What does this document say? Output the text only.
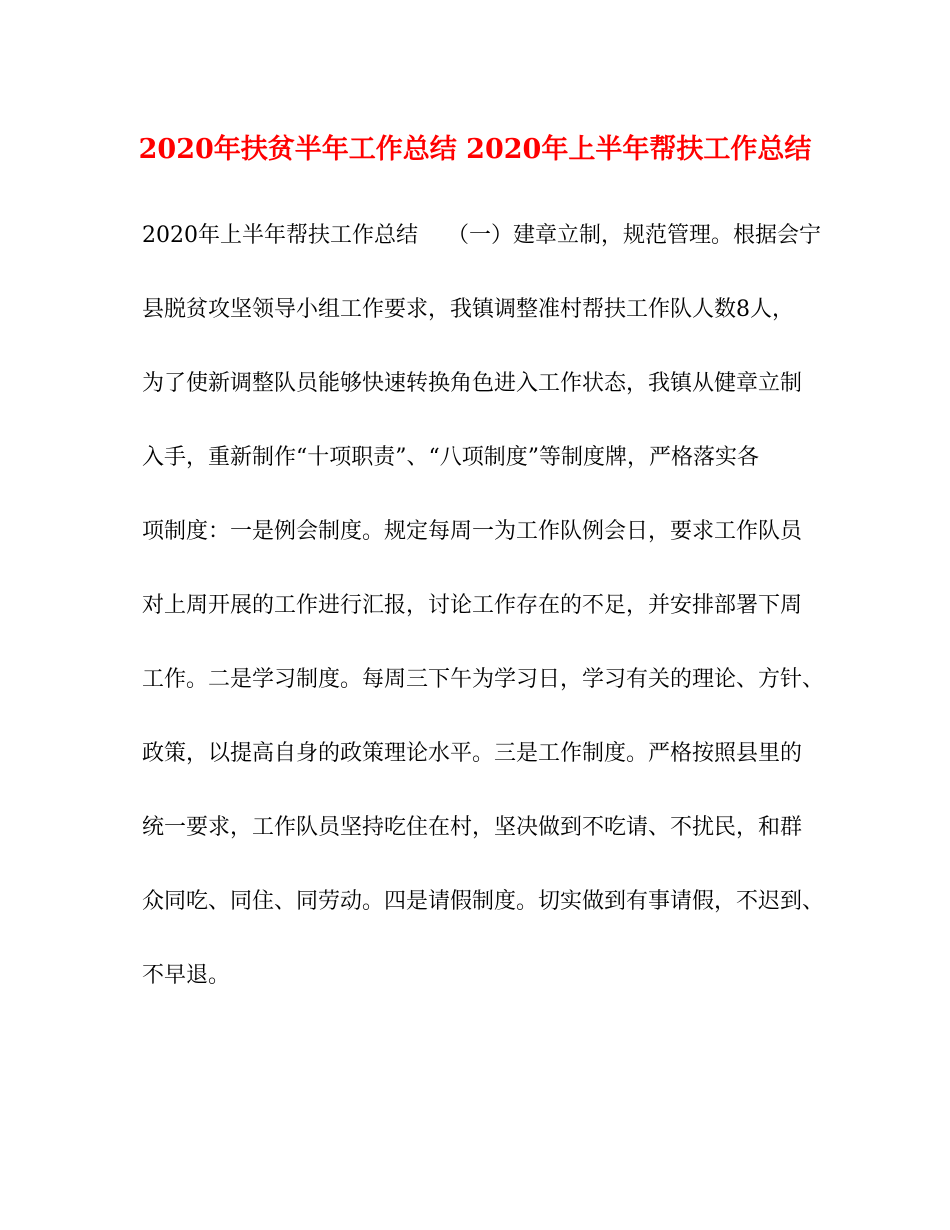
2020年扶贫半年工作总结 2020年上半年帮扶工作总结
2020年上半年帮扶工作总结　 （一）建章立制，规范管理。根据会宁
县脱贫攻坚领导小组工作要求，我镇调整准村帮扶工作队人数8人，
为了使新调整队员能够快速转换角色进入工作状态，我镇从健章立制
入手，重新制作“十项职责”、“八项制度”等制度牌，严格落实各
项制度：一是例会制度。规定每周一为工作队例会日，要求工作队员
对上周开展的工作进行汇报，讨论工作存在的不足，并安排部署下周
工作。二是学习制度。每周三下午为学习日，学习有关的理论、方针、
政策，以提高自身的政策理论水平。三是工作制度。严格按照县里的
统一要求，工作队员坚持吃住在村，坚决做到不吃请、不扰民，和群
众同吃、同住、同劳动。四是请假制度。切实做到有事请假，不迟到、
不早退。
